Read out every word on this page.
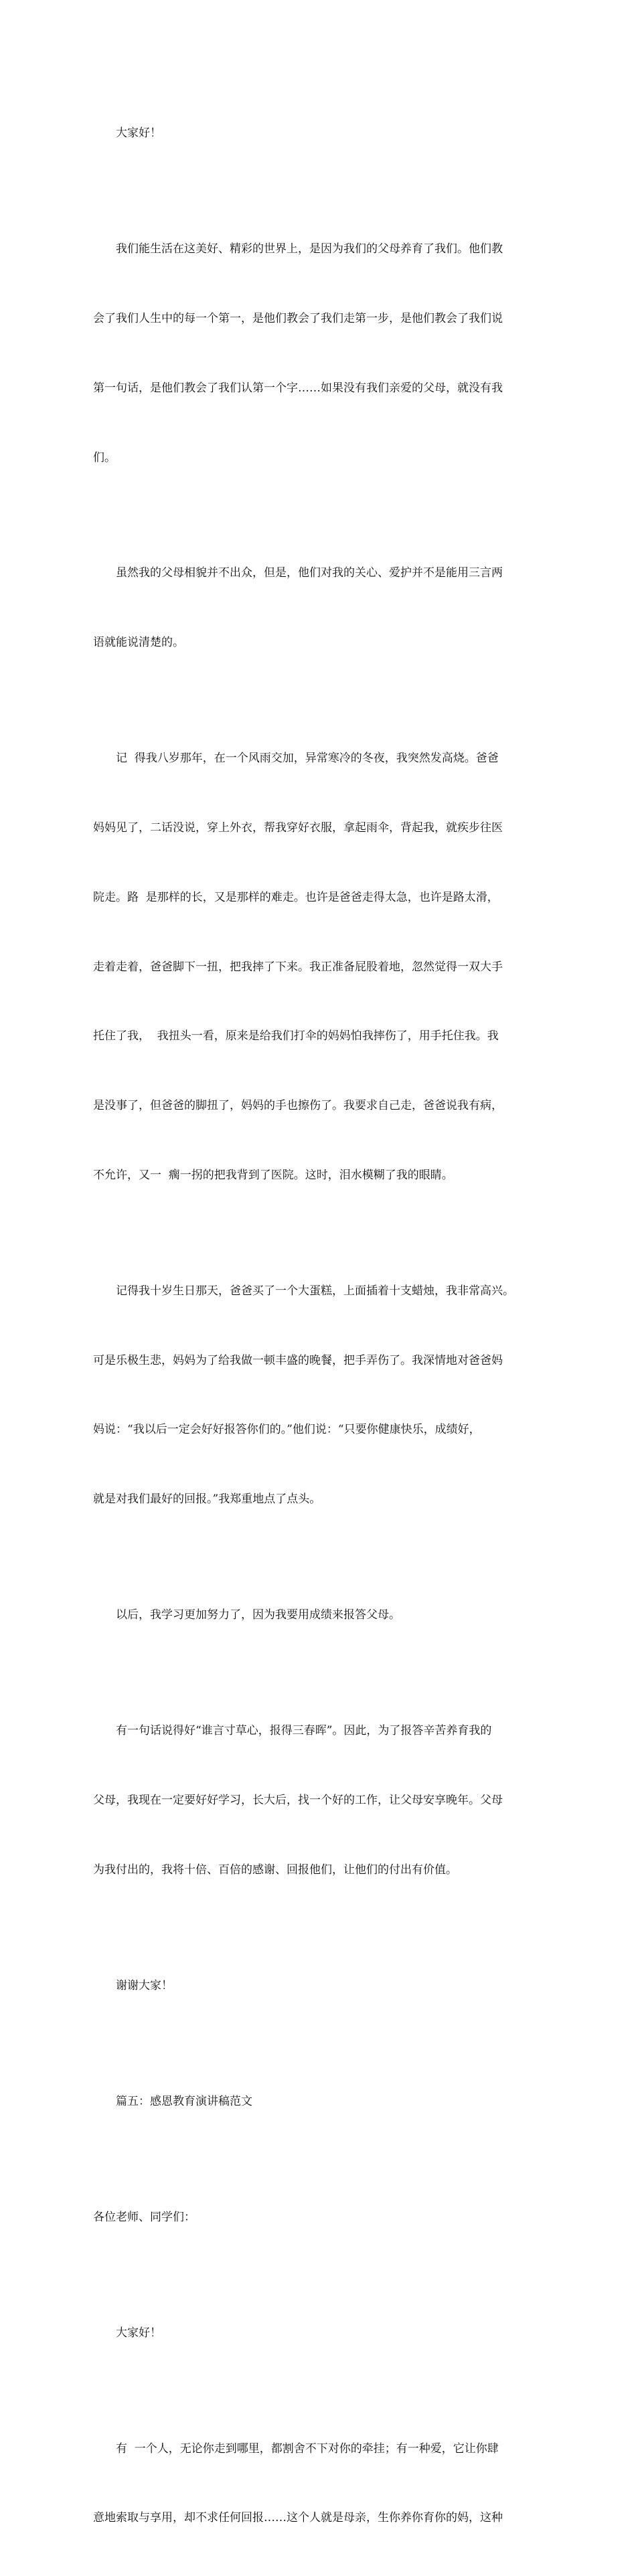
大家好！

我们能生活在这美好、精彩的世界上，是因为我们的父母养育了我们。他们教

会了我们人生中的每一个第一，是他们教会了我们走第一步，是他们教会了我们说

第一句话，是他们教会了我们认第一个字……如果没有我们亲爱的父母，就没有我

们。

虽然我的父母相貌并不出众，但是，他们对我的关心、爱护并不是能用三言两

语就能说清楚的。

记  得我八岁那年，在一个风雨交加，异常寒冷的冬夜，我突然发高烧。爸爸

妈妈见了，二话没说，穿上外衣，帮我穿好衣服，拿起雨伞，背起我，就疾步往医

院走。路  是那样的长，又是那样的难走。也许是爸爸走得太急，也许是路太滑，

走着走着，爸爸脚下一扭，把我摔了下来。我正准备屁股着地，忽然觉得一双大手

托住了我，  我扭头一看，原来是给我们打伞的妈妈怕我摔伤了，用手托住我。我

是没事了，但爸爸的脚扭了，妈妈的手也擦伤了。我要求自己走，爸爸说我有病，

不允许，又一  瘸一拐的把我背到了医院。这时，泪水模糊了我的眼睛。

记得我十岁生日那天，爸爸买了一个大蛋糕，上面插着十支蜡烛，我非常高兴。

可是乐极生悲，妈妈为了给我做一顿丰盛的晚餐，把手弄伤了。我深情地对爸爸妈

妈说：“我以后一定会好好报答你们的。”他们说：“只要你健康快乐，成绩好，

就是对我们最好的回报。”我郑重地点了点头。

以后，我学习更加努力了，因为我要用成绩来报答父母。

有一句话说得好“谁言寸草心，报得三春晖”。因此，为了报答辛苦养育我的

父母，我现在一定要好好学习，长大后，找一个好的工作，让父母安享晚年。父母

为我付出的，我将十倍、百倍的感谢、回报他们，让他们的付出有价值。

谢谢大家！

篇五：感恩教育演讲稿范文

各位老师、同学们：

大家好！

有  一个人，无论你走到哪里，都割舍不下对你的牵挂；有一种爱，它让你肆

意地索取与享用，却不求任何回报……这个人就是母亲，生你养你育你的妈，这种
